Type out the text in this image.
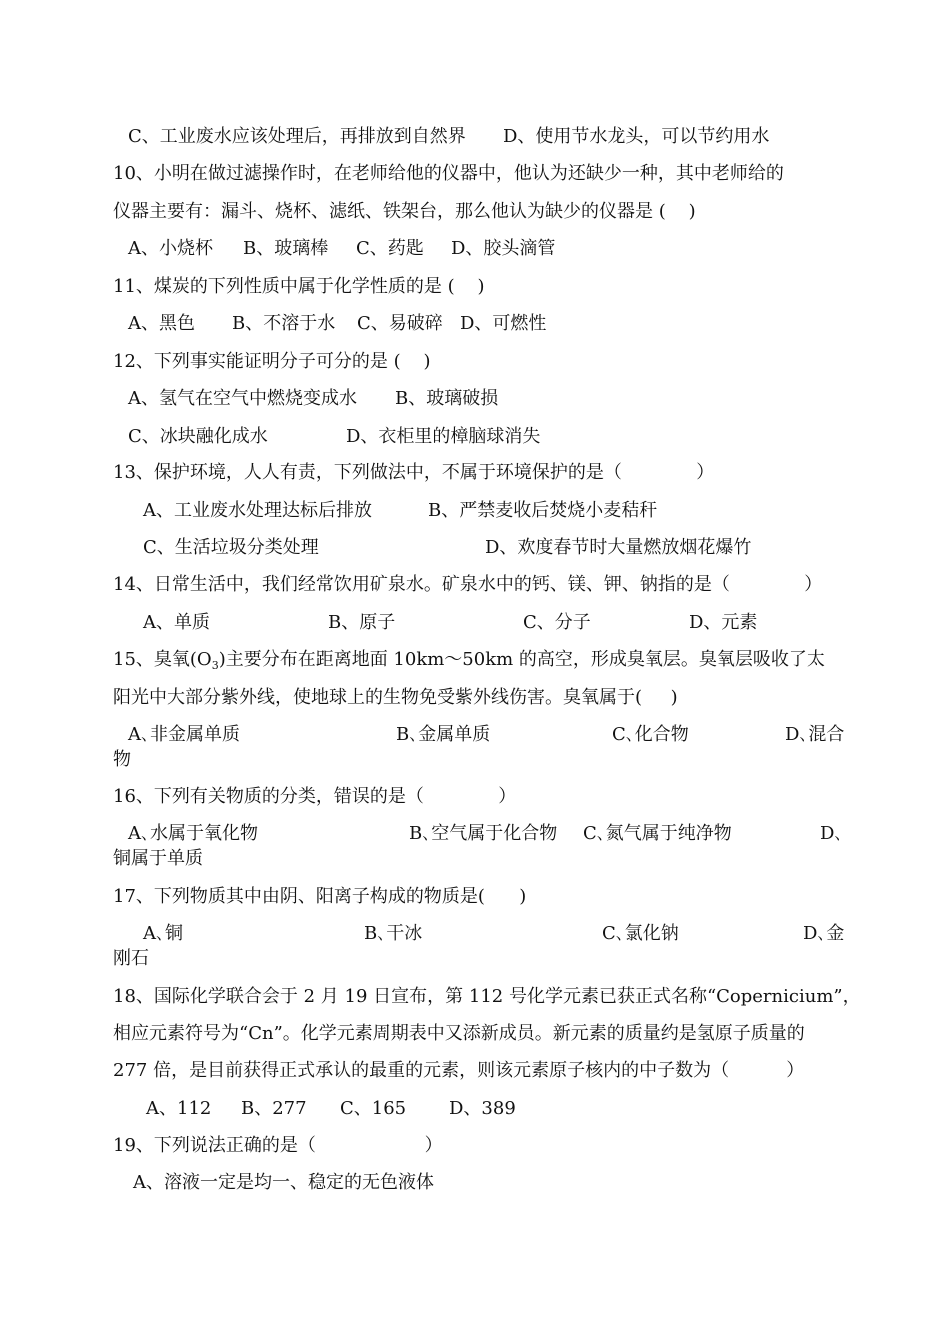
C、工业废水应该处理后，再排放到自然界 D、使用节水龙头，可以节约用水
10、小明在做过滤操作时，在老师给他的仪器中，他认为还缺少一种，其中老师给的
仪器主要有：漏斗、烧杯、滤纸、铁架台，那么他认为缺少的仪器是 (    )
A、小烧杯 B、玻璃棒 C、药匙 D、胶头滴管
11、煤炭的下列性质中属于化学性质的是 (    )
A、黑色 B、不溶于水 C、易破碎 D、可燃性
12、下列事实能证明分子可分的是 (    )
A、氢气在空气中燃烧变成水 B、玻璃破损
C、冰块融化成水	D、衣柜里的樟脑球消失
13、保护环境，人人有责，下列做法中，不属于环境保护的是（             ）
A、工业废水处理达标后排放	B、严禁麦收后焚烧小麦秸秆
C、生活垃圾分类处理	D、欢度春节时大量燃放烟花爆竹
14、日常生活中，我们经常饮用矿泉水。矿泉水中的钙、镁、钾、钠指的是（             ）
A、单质	B、原子	C、分子	D、元素
15、臭氧$(O_3)$主要分布在距离地面 10km～50km 的高空，形成臭氧层。臭氧层吸收了太
阳光中大部分紫外线，使地球上的生物免受紫外线伤害。臭氧属于(     )
A､非金属单质	B､金属单质	C､化合物	D､混合
物
16、下列有关物质的分类，错误的是（             ）
A､水属于氧化物	B､空气属于化合物 C､氮气属于纯净物	D､
铜属于单质
17、下列物质其中由阴、阳离子构成的物质是(      )
A､铜	B､干冰	C､氯化钠	D､金
刚石
18、国际化学联合会于 2 月 19 日宣布，第 112 号化学元素已获正式名称“Copernicium”，
相应元素符号为“Cn”。化学元素周期表中又添新成员。新元素的质量约是氢原子质量的
277 倍，是目前获得正式承认的最重的元素，则该元素原子核内的中子数为（          ）
A、112 B、277 C、165 D、389
19、下列说法正确的是（                   ）
A、溶液一定是均一、稳定的无色液体
